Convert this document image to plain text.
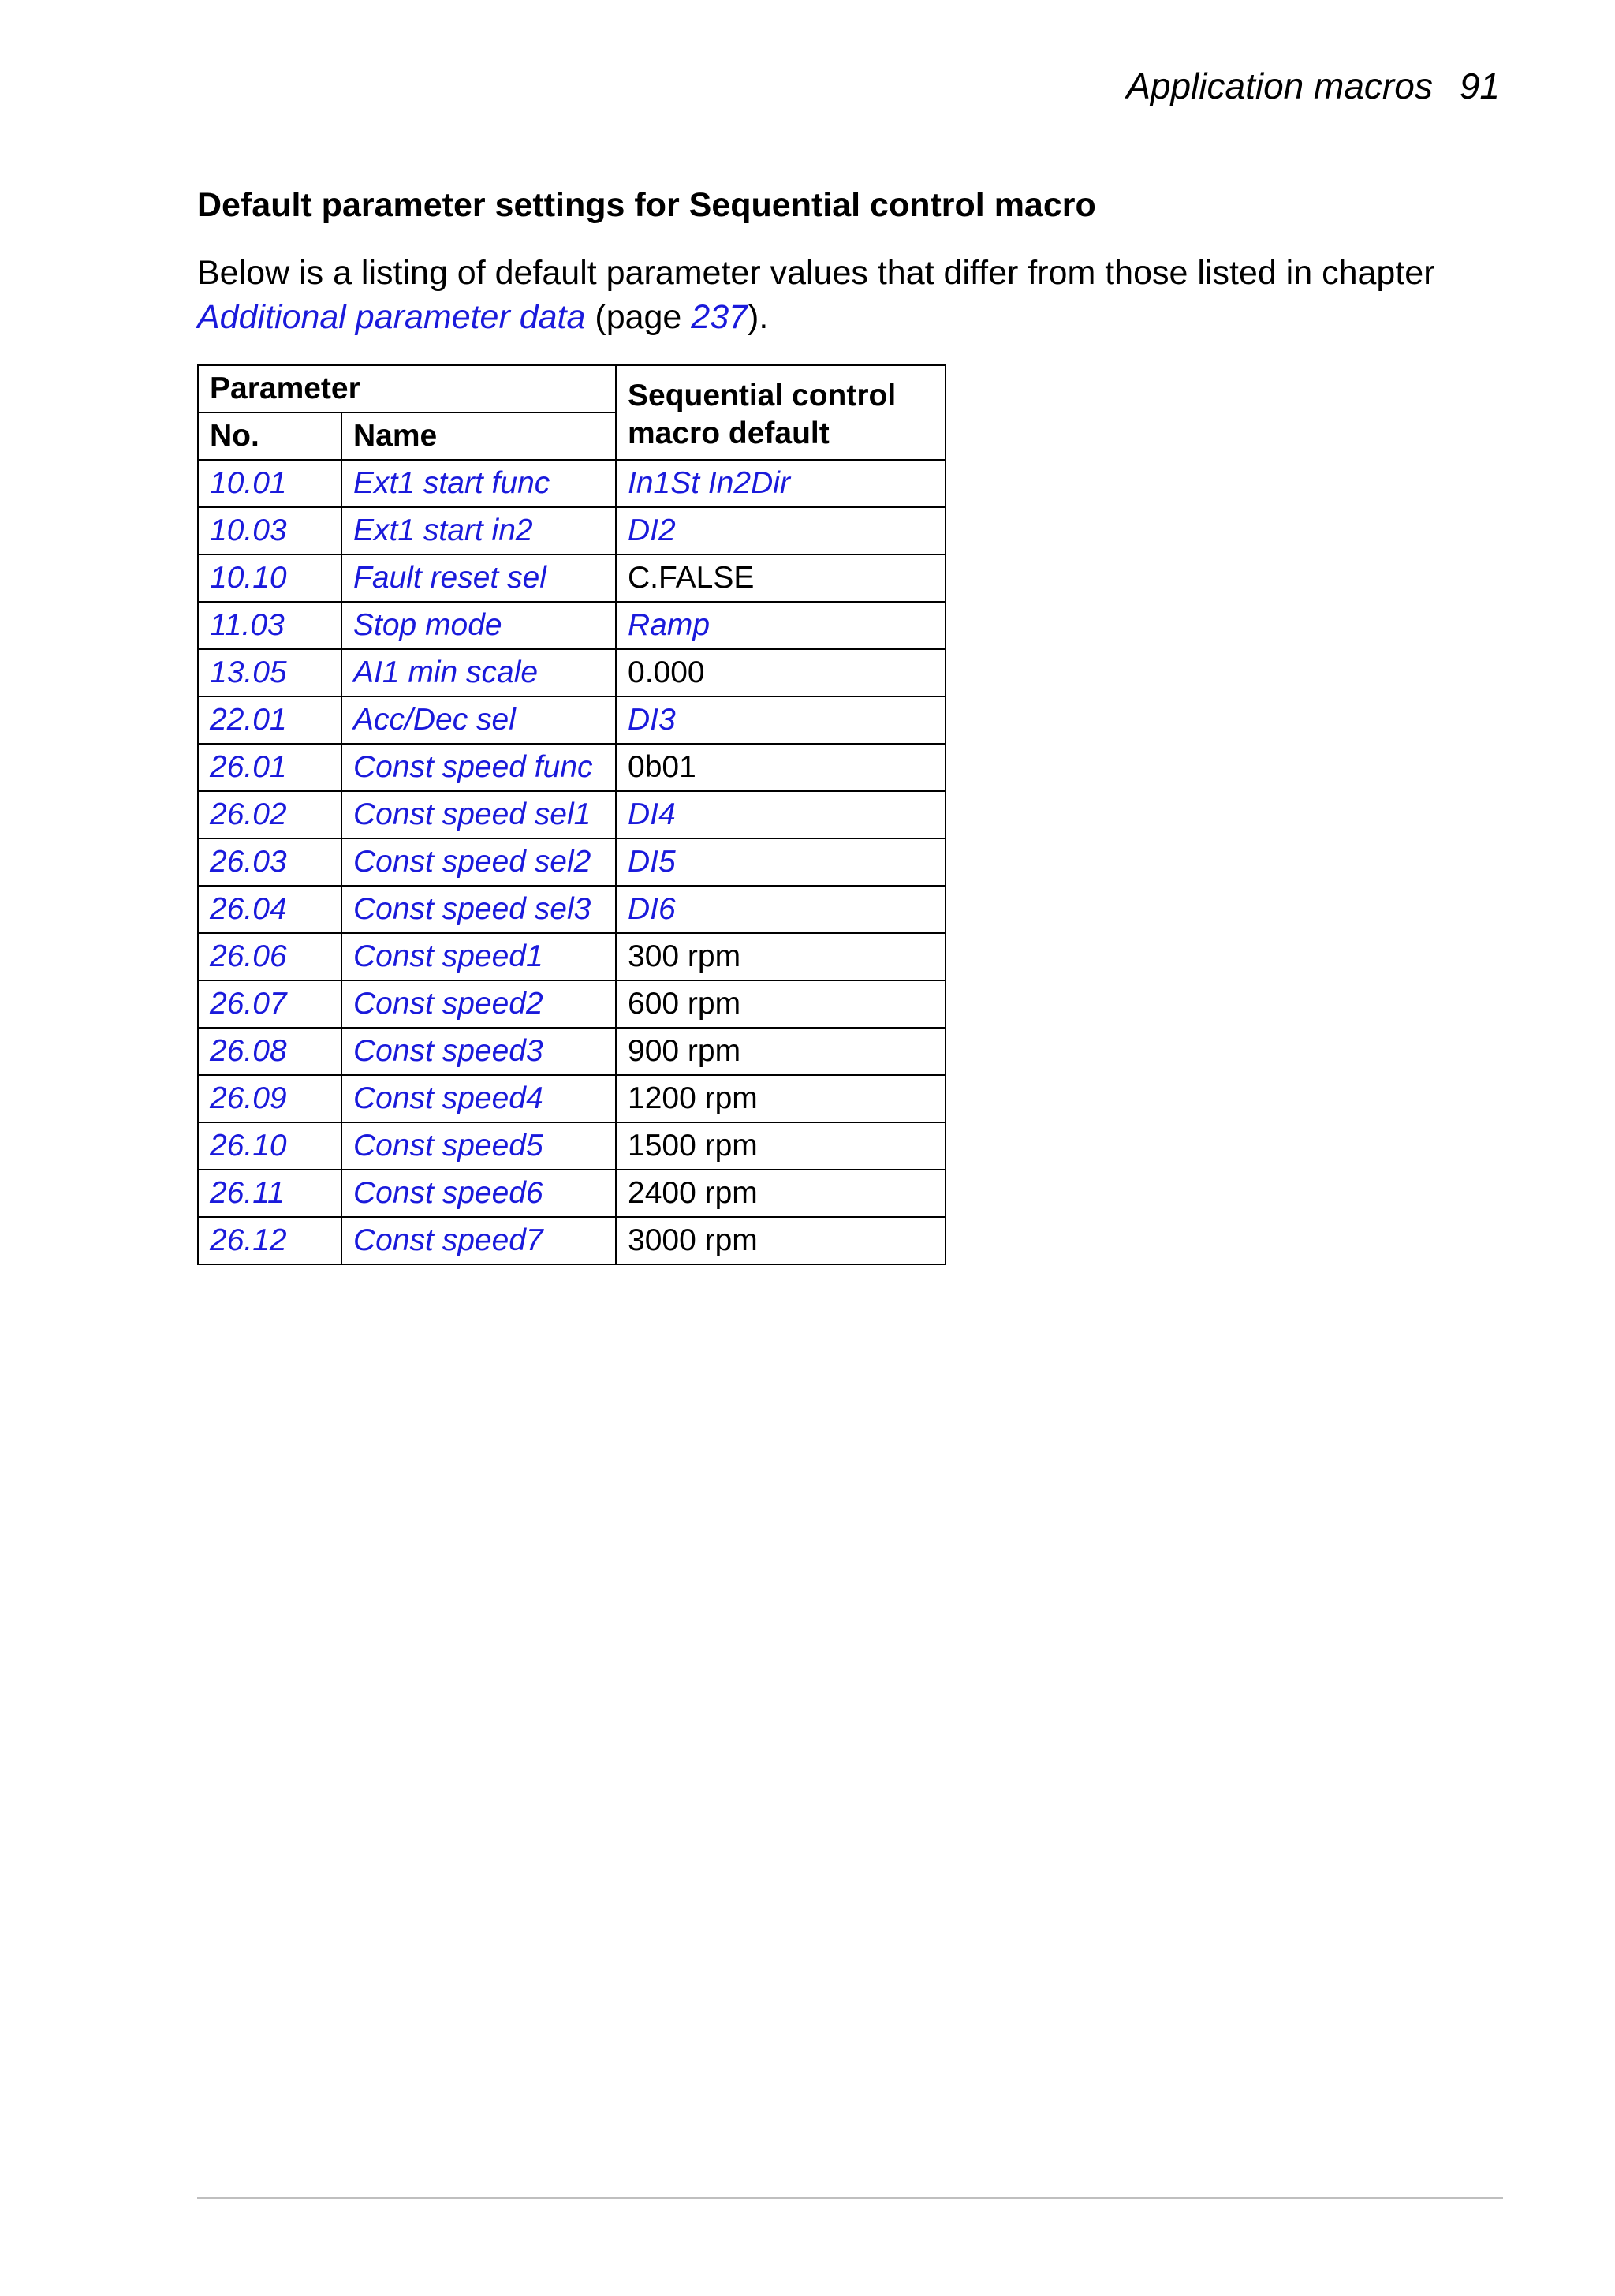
Application macros 91
Default parameter settings for Sequential control macro
Below is a listing of default parameter values that differ from those listed in chapter Additional parameter data (page 237).
Parameter		Sequential control
macro default
No.	Name	
10.01	Ext1 start func	In1St In2Dir
10.03	Ext1 start in2	DI2
10.10	Fault reset sel	C.FALSE
11.03	Stop mode	Ramp
13.05	AI1 min scale	0.000
22.01	Acc/Dec sel	DI3
26.01	Const speed func	0b01
26.02	Const speed sel1	DI4
26.03	Const speed sel2	DI5
26.04	Const speed sel3	DI6
26.06	Const speed1	300 rpm
26.07	Const speed2	600 rpm
26.08	Const speed3	900 rpm
26.09	Const speed4	1200 rpm
26.10	Const speed5	1500 rpm
26.11	Const speed6	2400 rpm
26.12	Const speed7	3000 rpm
